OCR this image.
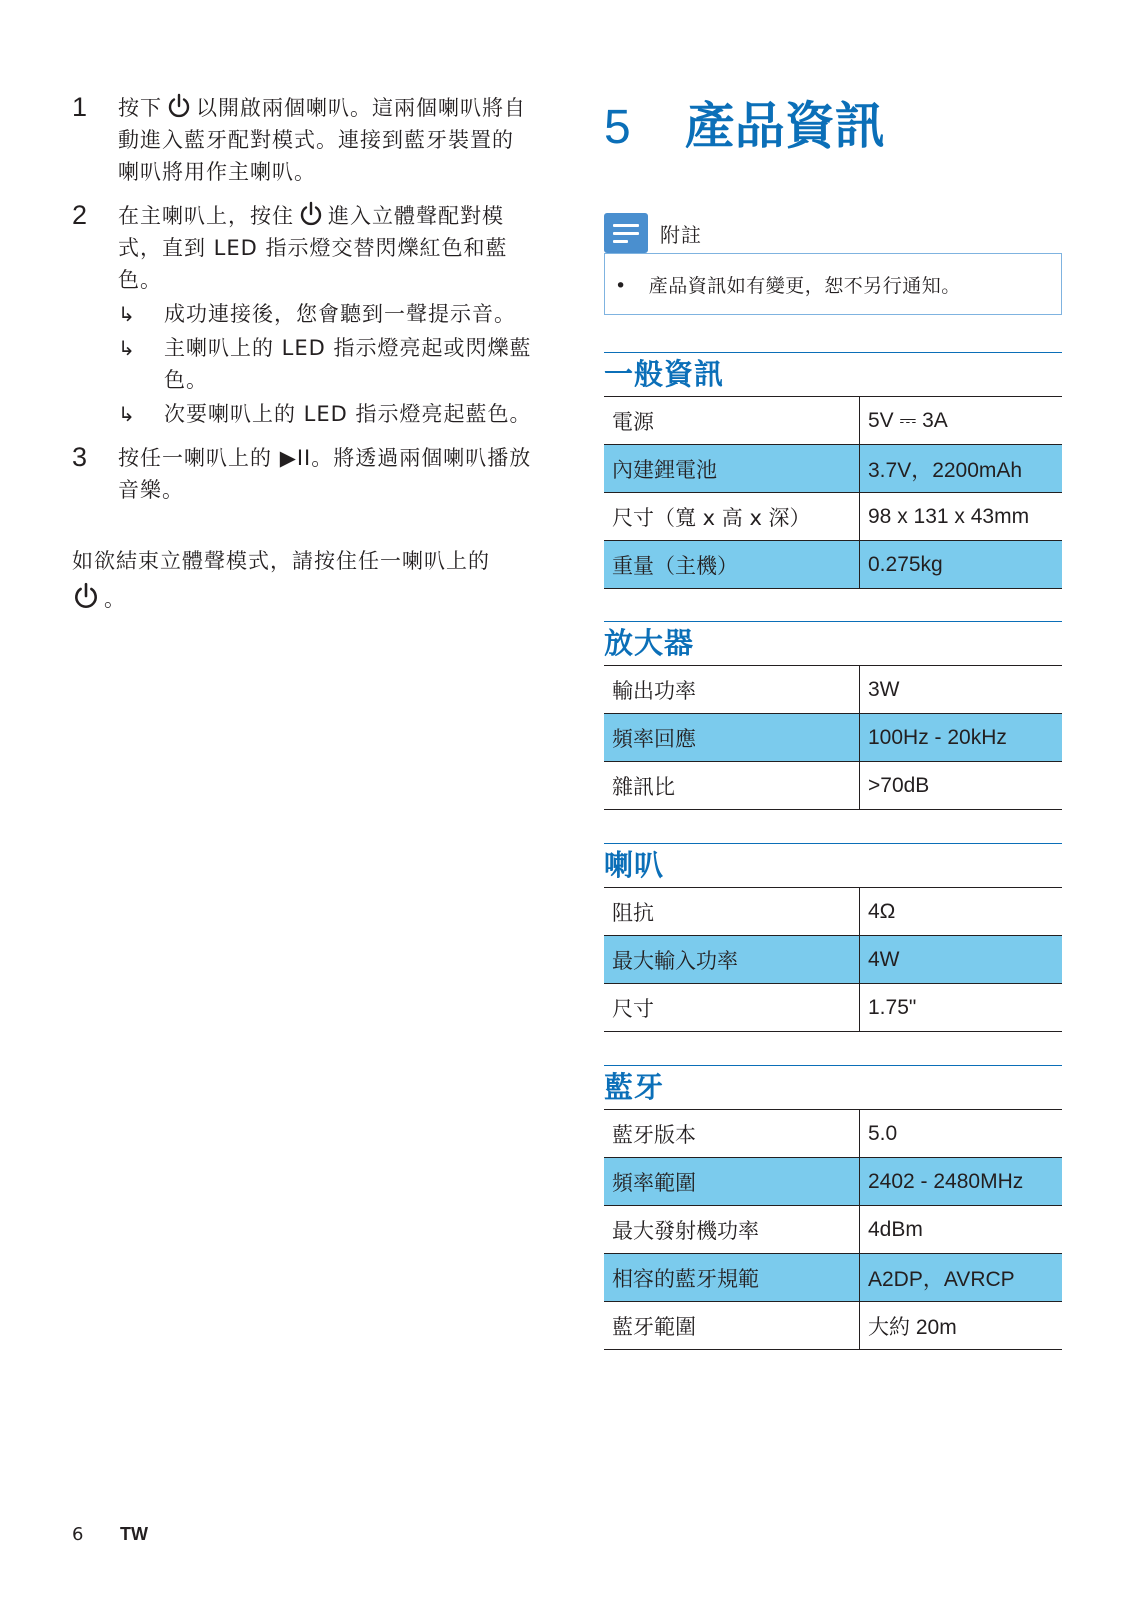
1 按下 以開啟兩個喇叭。這兩個喇叭將自動進入藍牙配對模式。連接到藍牙裝置的喇叭將用作主喇叭。
2 在主喇叭上，按住 進入立體聲配對模式，直到 LED 指示燈交替閃爍紅色和藍色。
↳	成功連接後，您會聽到一聲提示音。
↳	主喇叭上的 LED 指示燈亮起或閃爍藍色。
↳	次要喇叭上的 LED 指示燈亮起藍色。
3 按任一喇叭上的 ▶II。將透過兩個喇叭播放音樂。
如欲結束立體聲模式，請按住任一喇叭上的
。
5 產品資訊
附註
• 產品資訊如有變更，恕不另行通知。
一般資訊
電源	5V ⎓ 3A
內建鋰電池	3.7V，2200mAh
尺寸（寬 x 高 x 深）	98 x 131 x 43mm
重量（主機）	0.275kg
放大器
輸出功率	3W
頻率回應	100Hz - 20kHz
雜訊比	>70dB
喇叭
阻抗	4Ω
最大輸入功率	4W
尺寸	1.75"
藍牙
藍牙版本	5.0
頻率範圍	2402 - 2480MHz
最大發射機功率	4dBm
相容的藍牙規範	A2DP，AVRCP
藍牙範圍	大約 20m
6 TW
